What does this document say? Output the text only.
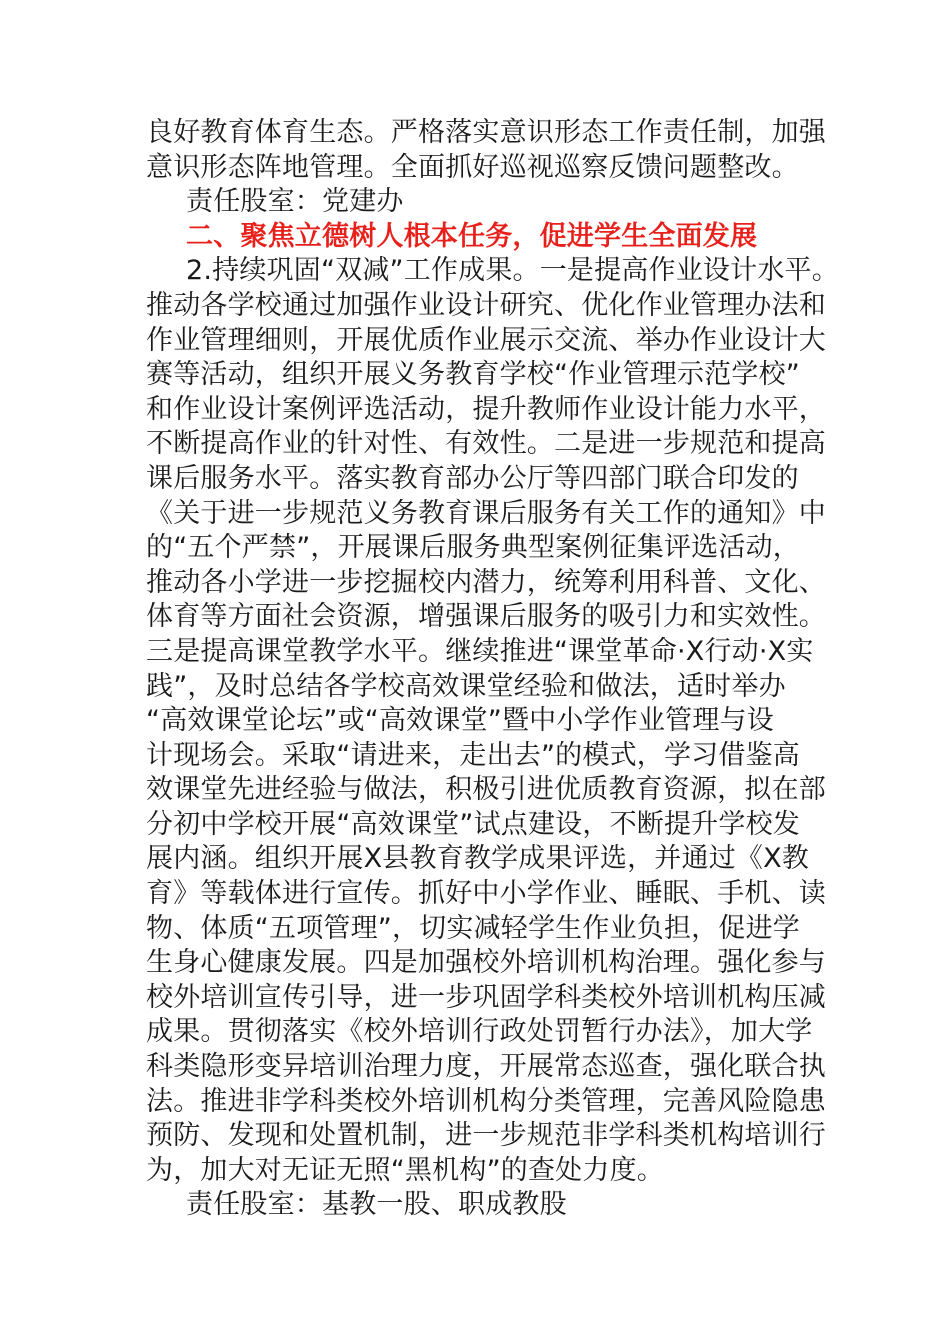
良好教育体育生态。严格落实意识形态工作责任制，加强
意识形态阵地管理。全面抓好巡视巡察反馈问题整改。
责任股室：党建办
二、聚焦立德树人根本任务，促进学生全面发展
2.持续巩固“双减”工作成果。一是提高作业设计水平。
推动各学校通过加强作业设计研究、优化作业管理办法和
作业管理细则，开展优质作业展示交流、举办作业设计大
赛等活动，组织开展义务教育学校“作业管理示范学校”
和作业设计案例评选活动，提升教师作业设计能力水平，
不断提高作业的针对性、有效性。二是进一步规范和提高
课后服务水平。落实教育部办公厅等四部门联合印发的
《关于进一步规范义务教育课后服务有关工作的通知》中
的“五个严禁”，开展课后服务典型案例征集评选活动，
推动各小学进一步挖掘校内潜力，统筹利用科普、文化、
体育等方面社会资源，增强课后服务的吸引力和实效性。
三是提高课堂教学水平。继续推进“课堂革命·X行动·X实
践”，及时总结各学校高效课堂经验和做法，适时举办
“高效课堂论坛”或“高效课堂”暨中小学作业管理与设
计现场会。采取“请进来，走出去”的模式，学习借鉴高
效课堂先进经验与做法，积极引进优质教育资源，拟在部
分初中学校开展“高效课堂”试点建设，不断提升学校发
展内涵。组织开展X县教育教学成果评选，并通过《X教
育》等载体进行宣传。抓好中小学作业、睡眠、手机、读
物、体质“五项管理”，切实减轻学生作业负担，促进学
生身心健康发展。四是加强校外培训机构治理。强化参与
校外培训宣传引导，进一步巩固学科类校外培训机构压减
成果。贯彻落实《校外培训行政处罚暂行办法》，加大学
科类隐形变异培训治理力度，开展常态巡查，强化联合执
法。推进非学科类校外培训机构分类管理，完善风险隐患
预防、发现和处置机制，进一步规范非学科类机构培训行
为，加大对无证无照“黑机构”的查处力度。
责任股室：基教一股、职成教股
